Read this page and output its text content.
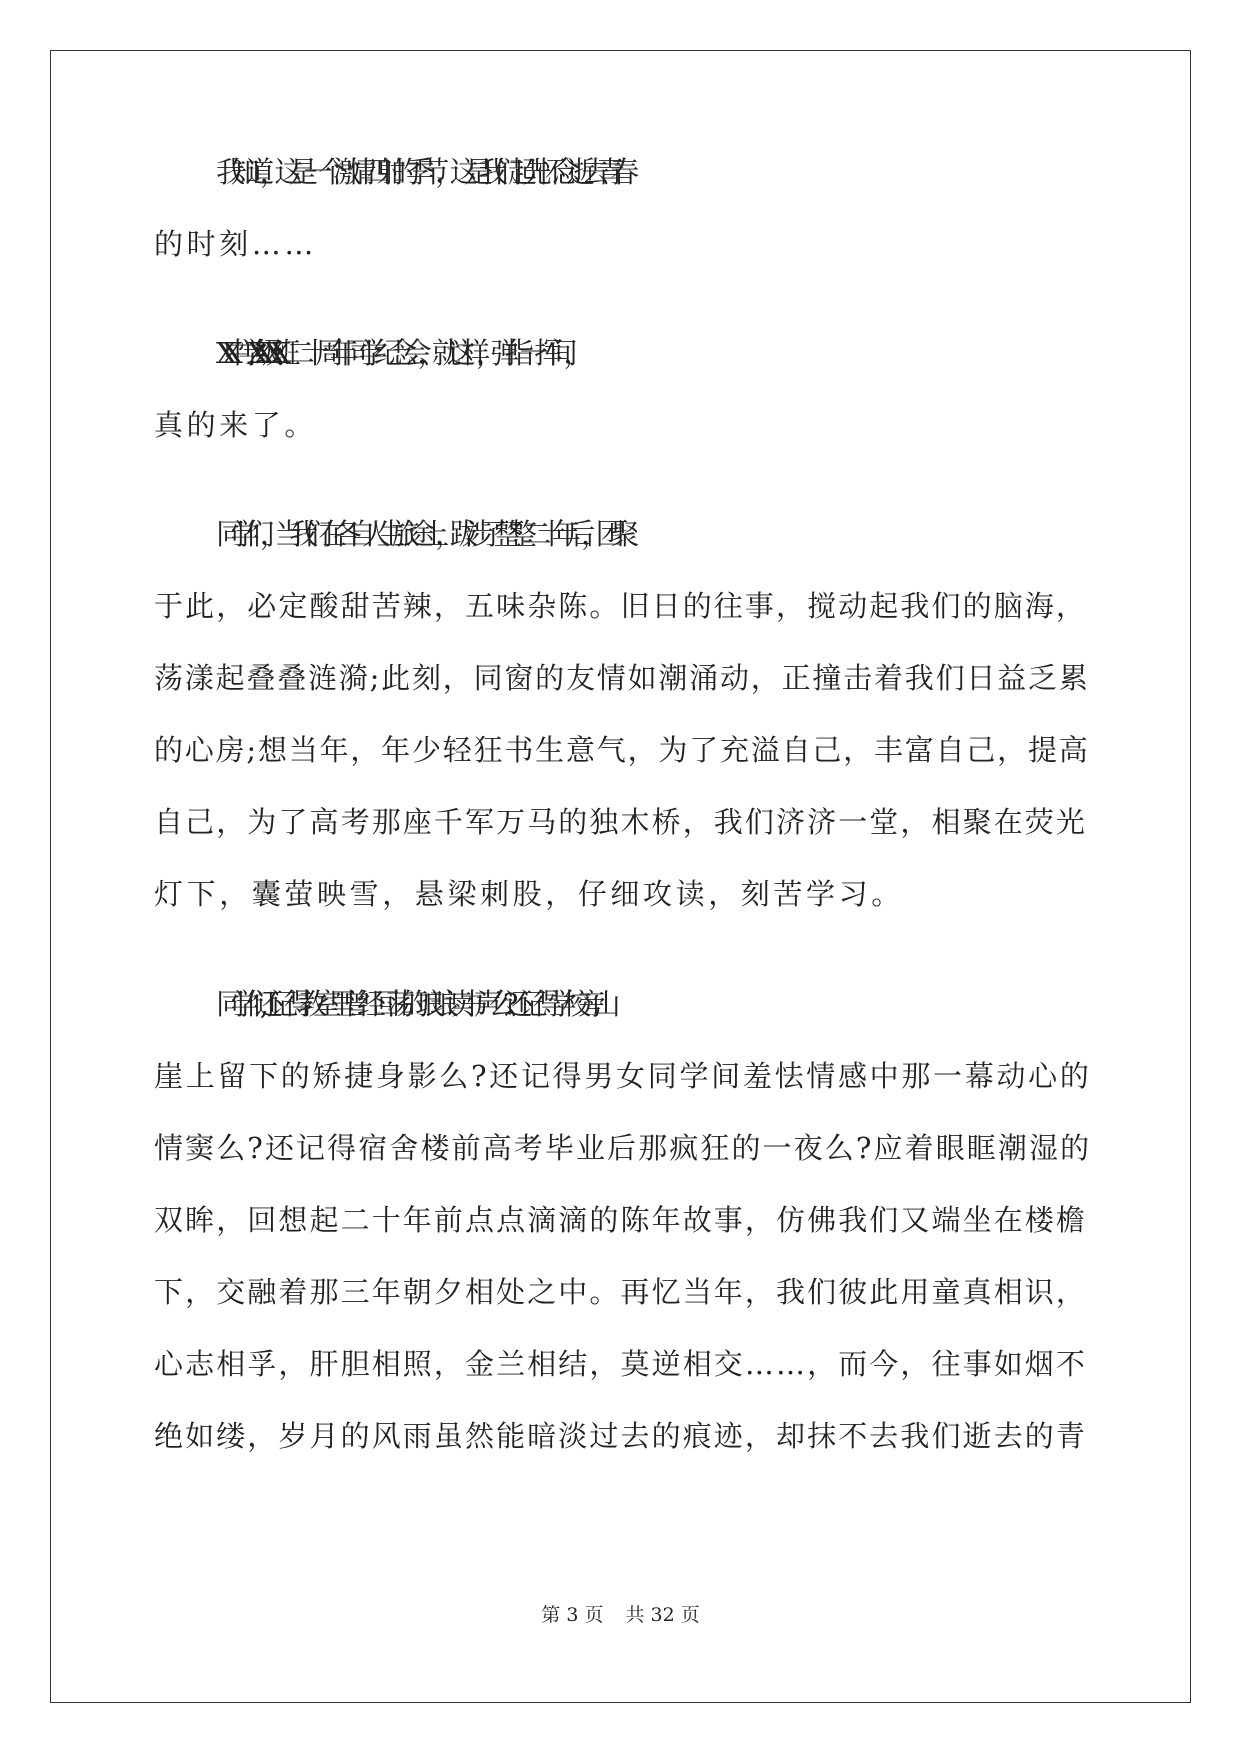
我知道，这是一个激情四射的季节，这是我们起先怀念逝去青春
的时刻……
XX 中学 XX 级 XX 班二十周年同学纪念会，就这样，弹指一挥间，
真的来了。
同学们，当我们在各自人生旅途上，跋涉了整整二十年后，团聚
于此，必定酸甜苦辣，五味杂陈。旧日的往事，搅动起我们的脑海，
荡漾起叠叠涟漪;此刻，同窗的友情如潮涌动，正撞击着我们日益乏累
的心房;想当年，年少轻狂书生意气，为了充溢自己，丰富自己，提高
自己，为了高考那座千军万马的独木桥，我们济济一堂，相聚在荧光
灯下，囊萤映雪，悬梁刺股，仔细攻读，刻苦学习。
同学们,还记得教室里曾经回荡的琅琅读书声么?还记得学校旁山
崖上留下的矫捷身影么?还记得男女同学间羞怯情感中那一幕动心的
情窦么?还记得宿舍楼前高考毕业后那疯狂的一夜么?应着眼眶潮湿的
双眸，回想起二十年前点点滴滴的陈年故事，仿佛我们又端坐在楼檐
下，交融着那三年朝夕相处之中。再忆当年，我们彼此用童真相识，
心志相孚，肝胆相照，金兰相结，莫逆相交……，而今，往事如烟不
绝如缕，岁月的风雨虽然能暗淡过去的痕迹，却抹不去我们逝去的青
第 3 页 共 32 页
